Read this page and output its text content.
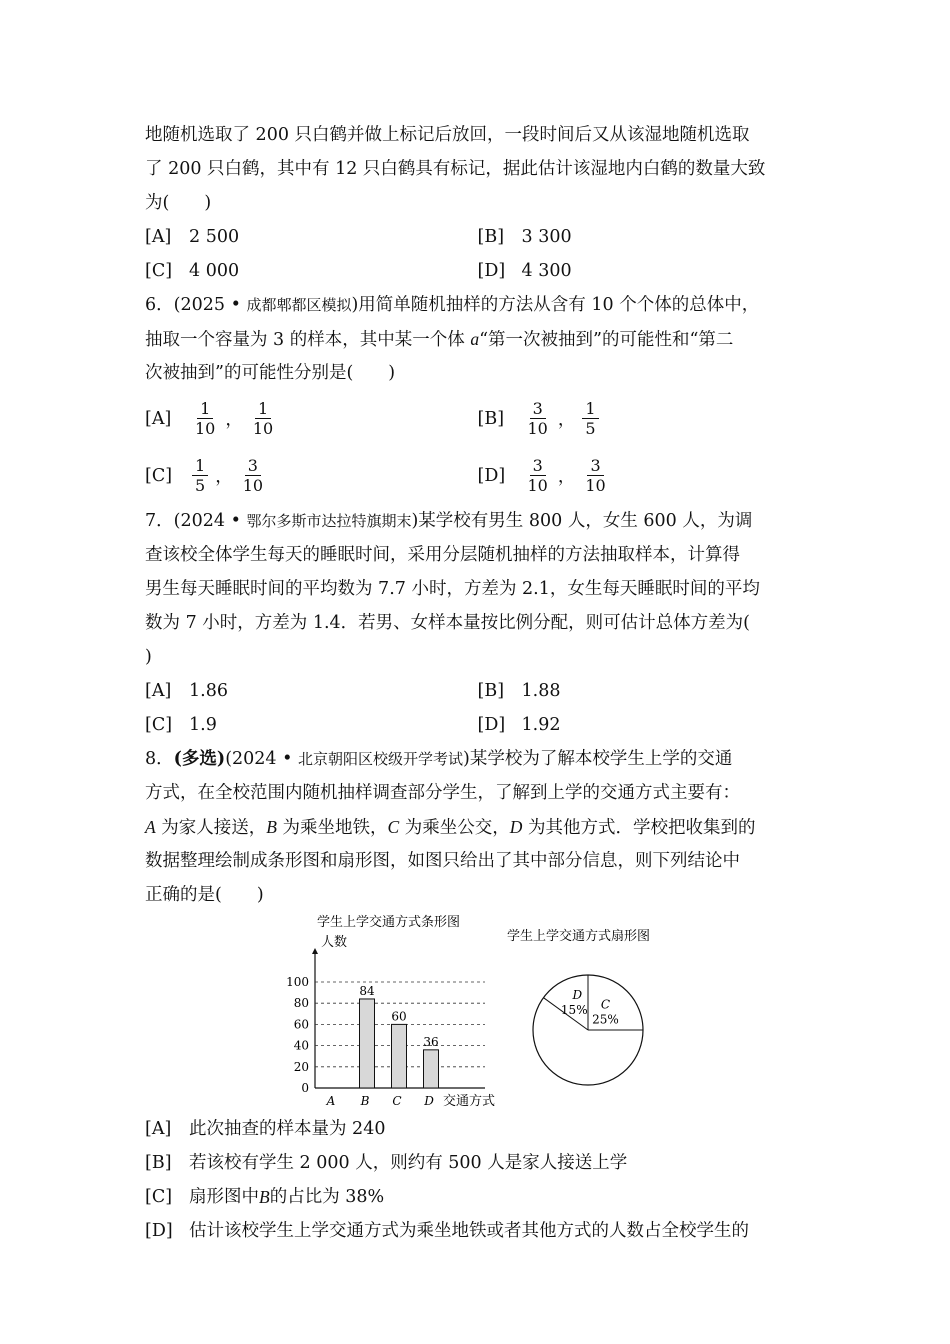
地随机选取了 200 只白鹤并做上标记后放回，一段时间后又从该湿地随机选取
了 200 只白鹤，其中有 12 只白鹤具有标记，据此估计该湿地内白鹤的数量大致
为(　　)
[A]	2 500	[B] 3 300
[C] 4 000	[D] 4 300
6．(2025 • 成都郫都区模拟)用简单随机抽样的方法从含有 10 个个体的总体中，
抽取一个容量为 3 的样本，其中某一个体 a“第一次被抽到”的可能性和“第二
次被抽到”的可能性分别是(　　)
[A]	$\frac{1}{10}$ ， $\frac{1}{10}$	[B]	$\frac{3}{10}$ ， $\frac{1}{5}$
[C]	$\frac{1}{5}$ ， $\frac{3}{10}$	[D]	$\frac{3}{10}$ ， $\frac{3}{10}$
7．(2024 • 鄂尔多斯市达拉特旗期末)某学校有男生 800 人，女生 600 人，为调
查该校全体学生每天的睡眠时间，采用分层随机抽样的方法抽取样本，计算得
男生每天睡眠时间的平均数为 7.7 小时，方差为 2.1，女生每天睡眠时间的平均
数为 7 小时，方差为 1.4．若男、女样本量按比例分配，则可估计总体方差为(
)
[A]	1.86	[B] 1.88
[C] 1.9	[D] 1.92
8．(多选)(2024 • 北京朝阳区校级开学考试)某学校为了解本校学生上学的交通
方式，在全校范围内随机抽样调查部分学生，了解到上学的交通方式主要有：
A 为家人接送，B 为乘坐地铁，C 为乘坐公交，D 为其他方式．学校把收集到的
数据整理绘制成条形图和扇形图，如图只给出了其中部分信息，则下列结论中
正确的是(　　)
学生上学交通方式条形图
人数
0
20
40
60
80
100
A
84
B
60
C
36
D 交通方式
学生上学交通方式扇形图
C
25%
D
15%
[A]	此次抽查的样本量为 240
[B] 若该校有学生 2 000 人，则约有 500 人是家人接送上学
[C] 扇形图中 B 的占比为 38%
[D] 估计该校学生上学交通方式为乘坐地铁或者其他方式的人数占全校学生的
